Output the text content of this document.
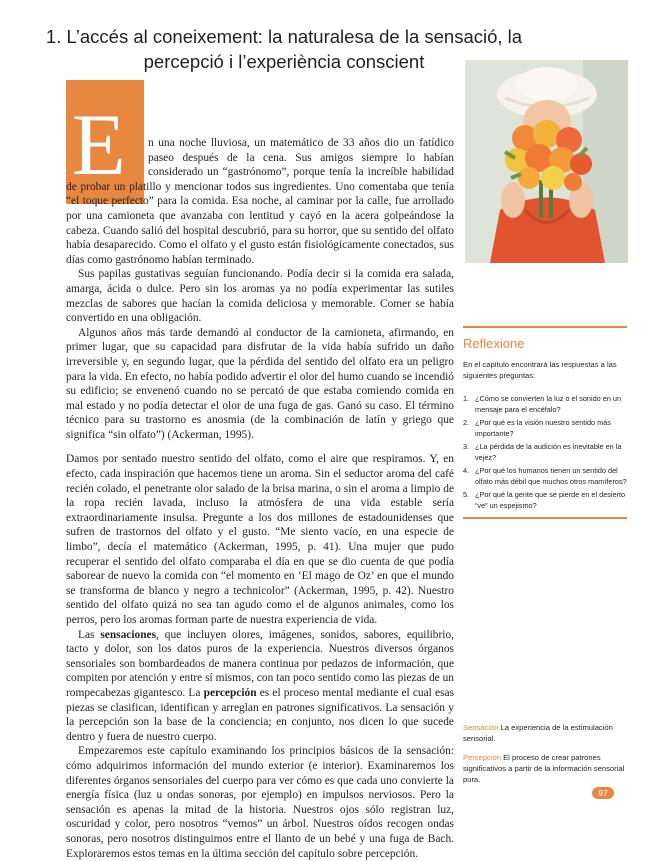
1. L’accés al coneixement: la naturalesa de la sensació, la
percepció i l’experiència conscient
E	n una noche lluviosa, un matemático de 33 años dio un fatídico paseo después de la cena. Sus amigos siempre lo habían considerado un “gastrónomo”, porque tenía la increíble habilidad de probar un platillo y mencionar todos sus ingredientes. Uno comentaba que tenía “el toque perfecto” para la comida. Esa noche, al caminar por la calle, fue arrollado por una camioneta que avanzaba con lentitud y cayó en la acera golpeándose la cabeza. Cuando salió del hospital descubrió, para su horror, que su sentido del olfato había desaparecido. Como el olfato y el gusto están fisiológicamente conectados, sus días como gastrónomo habían terminado.

Sus papilas gustativas seguían funcionando. Podía decir si la comida era salada, amarga, ácida o dulce. Pero sin los aromas ya no podía experimentar las sutiles mezclas de sabores que hacían la comida deliciosa y memorable. Comer se había convertido en una obligación.

Algunos años más tarde demandó al conductor de la camioneta, afirmando, en primer lugar, que su capacidad para disfrutar de la vida había sufrido un daño irreversible y, en segundo lugar, que la pérdida del sentido del olfato era un peligro para la vida. En efecto, no había podido advertir el olor del humo cuando se incendió su edificio; se envenenó cuando no se percató de que estaba comiendo comida en mal estado y no podía detectar el olor de una fuga de gas. Ganó su caso. El término técnico para su trastorno es anosmia (de la combinación de latín y griego que significa “sin olfato”) (Ackerman, 1995).

Damos por sentado nuestro sentido del olfato, como el aire que respiramos. Y, en efecto, cada inspiración que hacemos tiene un aroma. Sin el seductor aroma del café recién colado, el penetrante olor salado de la brisa marina, o sin el aroma a limpio de la ropa recién lavada, incluso la atmósfera de una vida estable sería extraordinariamente insulsa. Pregunte a los dos millones de estadounidenses que sufren de trastornos del olfato y el gusto. “Me siento vacío, en una especie de limbo”, decía el matemático (Ackerman, 1995, p. 41). Una mujer que pudo recuperar el sentido del olfato comparaba el día en que se dio cuenta de que podía saborear de nuevo la comida con “el momento en ‘El mago de Oz’ en que el mundo se transforma de blanco y negro a technicolor” (Ackerman, 1995, p. 42). Nuestro sentido del olfato quizá no sea tan agudo como el de algunos animales, como los perros, pero los aromas forman parte de nuestra experiencia de vida.

Las sensaciones, que incluyen olores, imágenes, sonidos, sabores, equilibrio, tacto y dolor, son los datos puros de la experiencia. Nuestros diversos órganos sensoriales son bombardeados de manera continua por pedazos de información, que compiten por atención y entre sí mismos, con tan poco sentido como las piezas de un rompecabezas gigantesco. La percepción es el proceso mental mediante el cual esas piezas se clasifican, identifican y arreglan en patrones significativos. La sensación y la percepción son la base de la conciencia; en conjunto, nos dicen lo que sucede dentro y fuera de nuestro cuerpo.

Empezaremos este capítulo examinando los principios básicos de la sensación: cómo adquirimos información del mundo exterior (e interior). Examinaremos los diferentes órganos sensoriales del cuerpo para ver cómo es que cada uno convierte la energía física (luz u ondas sonoras, por ejemplo) en impulsos nerviosos. Pero la sensación es apenas la mitad de la historia. Nuestros ojos sólo registran luz, oscuridad y color, pero nosotros “vemos” un árbol. Nuestros oídos recogen ondas sonoras, pero nosotros distinguimos entre el llanto de un bebé y una fuga de Bach. Exploraremos estos temas en la última sección del capítulo sobre percepción.

Reflexione

En el capítulo encontrará las respuestas a las siguientes preguntas:

1. ¿Cómo se convierten la luz o el sonido en un mensaje para el encéfalo?
2. ¿Por qué es la visión nuestro sentido más importante?
3. ¿La pérdida de la audición es inevitable en la vejez?
4. ¿Por qué los humanos tienen un sentido del olfato más débil que muchos otros mamíferos?
5. ¿Por qué la gente que se pierde en el desierto “ve” un espejismo?

Sensación La experiencia de la estimulación sensorial.

Percepción El proceso de crear patrones significativos a partir de la información sensorial pura.

97
